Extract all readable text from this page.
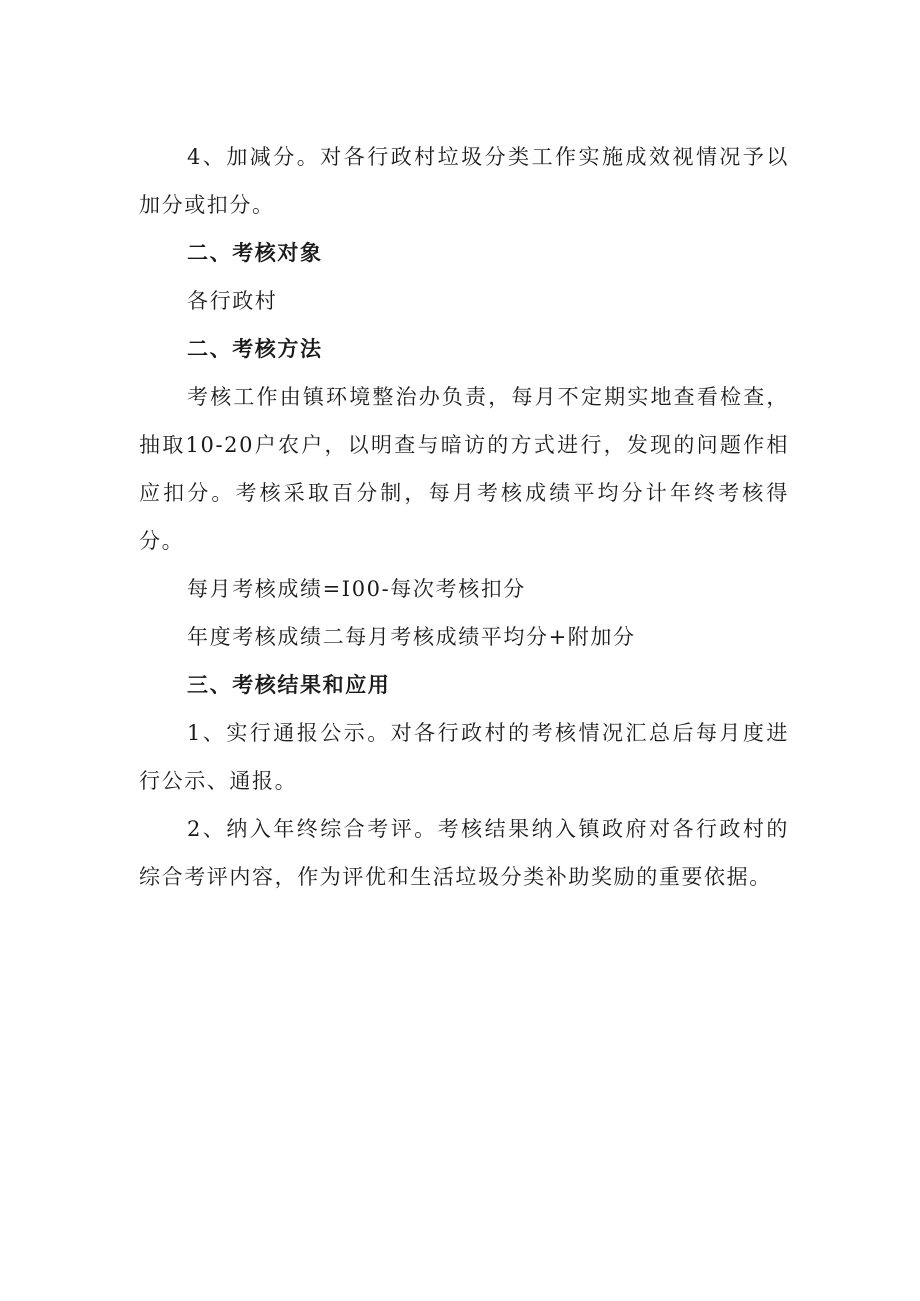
4、加减分。对各行政村垃圾分类工作实施成效视情况予以加分或扣分。

二、考核对象

各行政村

二、考核方法

考核工作由镇环境整治办负责，每月不定期实地查看检查，抽取10-20户农户，以明查与暗访的方式进行，发现的问题作相应扣分。考核采取百分制，每月考核成绩平均分计年终考核得分。

每月考核成绩=I00-每次考核扣分

年度考核成绩二每月考核成绩平均分+附加分

三、考核结果和应用

1、实行通报公示。对各行政村的考核情况汇总后每月度进行公示、通报。

2、纳入年终综合考评。考核结果纳入镇政府对各行政村的综合考评内容，作为评优和生活垃圾分类补助奖励的重要依据。
